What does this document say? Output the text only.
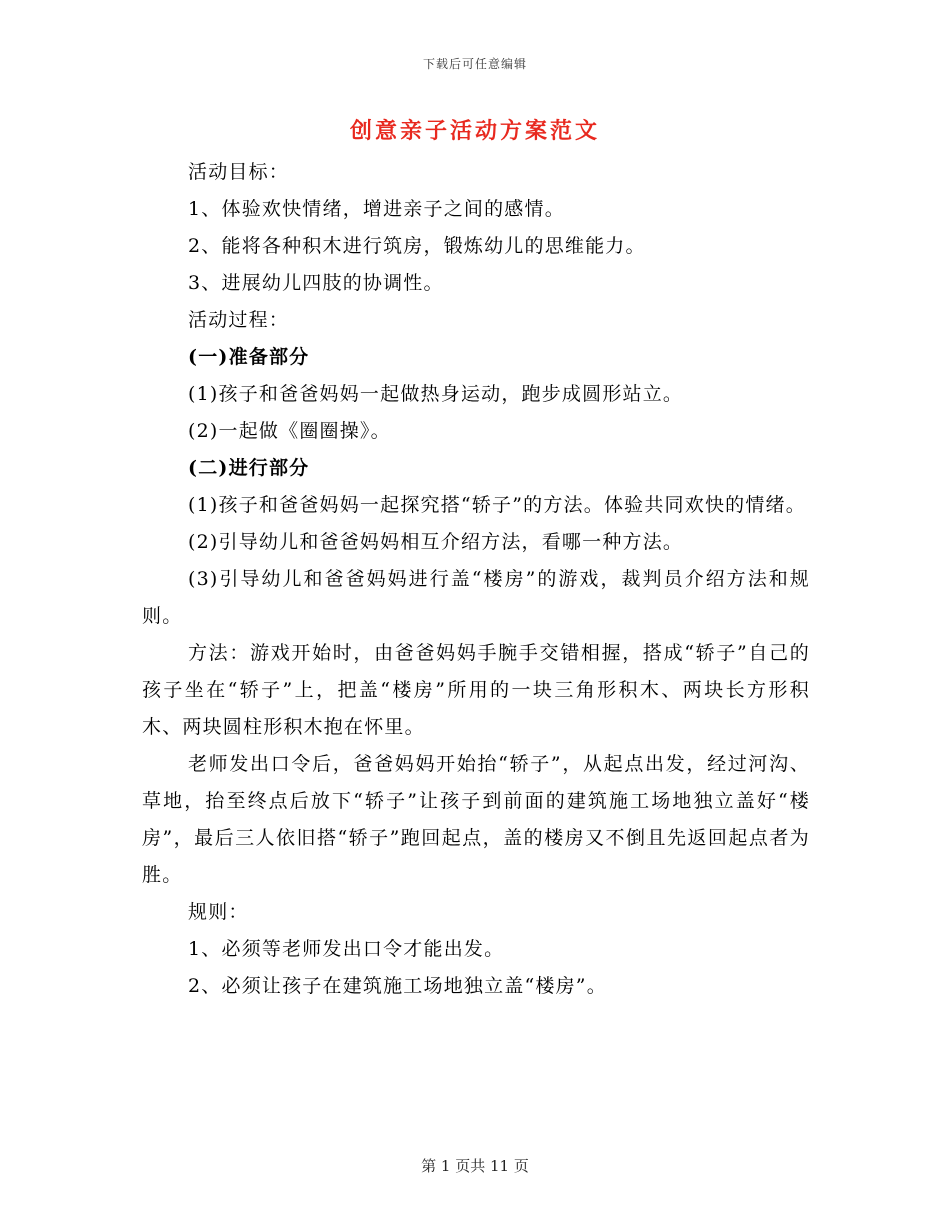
下载后可任意编辑
创意亲子活动方案范文

活动目标：

1、体验欢快情绪，增进亲子之间的感情。

2、能将各种积木进行筑房，锻炼幼儿的思维能力。

3、进展幼儿四肢的协调性。

活动过程：

(一)准备部分

(1)孩子和爸爸妈妈一起做热身运动，跑步成圆形站立。

(2)一起做《圈圈操》。

(二)进行部分

(1)孩子和爸爸妈妈一起探究搭“轿子”的方法。体验共同欢快的情绪。

(2)引导幼儿和爸爸妈妈相互介绍方法，看哪一种方法。

(3)引导幼儿和爸爸妈妈进行盖“楼房”的游戏，裁判员介绍方法和规则。

方法：游戏开始时，由爸爸妈妈手腕手交错相握，搭成“轿子”自己的孩子坐在“轿子”上，把盖“楼房”所用的一块三角形积木、两块长方形积木、两块圆柱形积木抱在怀里。

老师发出口令后，爸爸妈妈开始抬“轿子”，从起点出发，经过河沟、草地，抬至终点后放下“轿子”让孩子到前面的建筑施工场地独立盖好“楼房”，最后三人依旧搭“轿子”跑回起点，盖的楼房又不倒且先返回起点者为胜。

规则：

1、必须等老师发出口令才能出发。

2、必须让孩子在建筑施工场地独立盖“楼房”。

第 1 页共 11 页
